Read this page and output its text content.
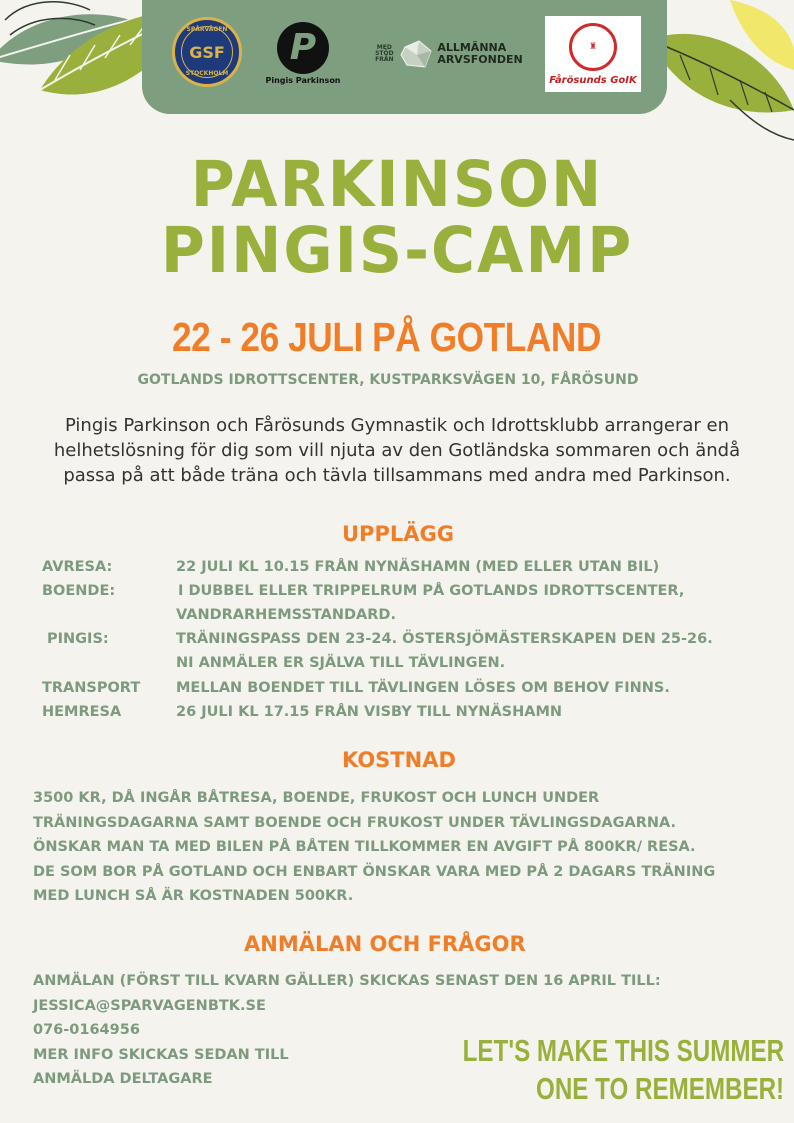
SPÅRVÄGEN
GSF
STOCKHOLM
P
Pingis Parkinson
MED
STÖD
FRÅN
ALLMÄNNA
ARVSFONDEN
♜
Fårösunds GoIK
PARKINSON
PINGIS-CAMP
22 - 26 JULI PÅ GOTLAND
GOTLANDS IDROTTSCENTER, KUSTPARKSVÄGEN 10, FÅRÖSUND
Pingis Parkinson och Fårösunds Gymnastik och Idrottsklubb arrangerar en helhetslösning för dig som vill njuta av den Gotländska sommaren och ändå passa på att både träna och tävla tillsammans med andra med Parkinson.
UPPLÄGG
AVRESA:	22 JULI KL 10.15 FRÅN NYNÄSHAMN (MED ELLER UTAN BIL)
BOENDE:	I DUBBEL ELLER TRIPPELRUM PÅ GOTLANDS IDROTTSCENTER,
VANDRARHEMSSTANDARD.
PINGIS:	TRÄNINGSPASS DEN 23-24. ÖSTERSJÖMÄSTERSKAPEN DEN 25-26.
NI ANMÄLER ER SJÄLVA TILL TÄVLINGEN.
TRANSPORT MELLAN BOENDET TILL TÄVLINGEN LÖSES OM BEHOV FINNS.
HEMRESA	26 JULI KL 17.15 FRÅN VISBY TILL NYNÄSHAMN
KOSTNAD
3500 KR, DÅ INGÅR BÅTRESA, BOENDE, FRUKOST OCH LUNCH UNDER
TRÄNINGSDAGARNA SAMT BOENDE OCH FRUKOST UNDER TÄVLINGSDAGARNA.
ÖNSKAR MAN TA MED BILEN PÅ BÅTEN TILLKOMMER EN AVGIFT PÅ 800KR/ RESA.
DE SOM BOR PÅ GOTLAND OCH ENBART ÖNSKAR VARA MED PÅ 2 DAGARS TRÄNING
MED LUNCH SÅ ÄR KOSTNADEN 500KR.
ANMÄLAN OCH FRÅGOR
ANMÄLAN (FÖRST TILL KVARN GÄLLER) SKICKAS SENAST DEN 16 APRIL TILL:
JESSICA@SPARVAGENBTK.SE
076-0164956
MER INFO SKICKAS SEDAN TILL
ANMÄLDA DELTAGARE
LET'S MAKE THIS SUMMER
ONE TO REMEMBER!
